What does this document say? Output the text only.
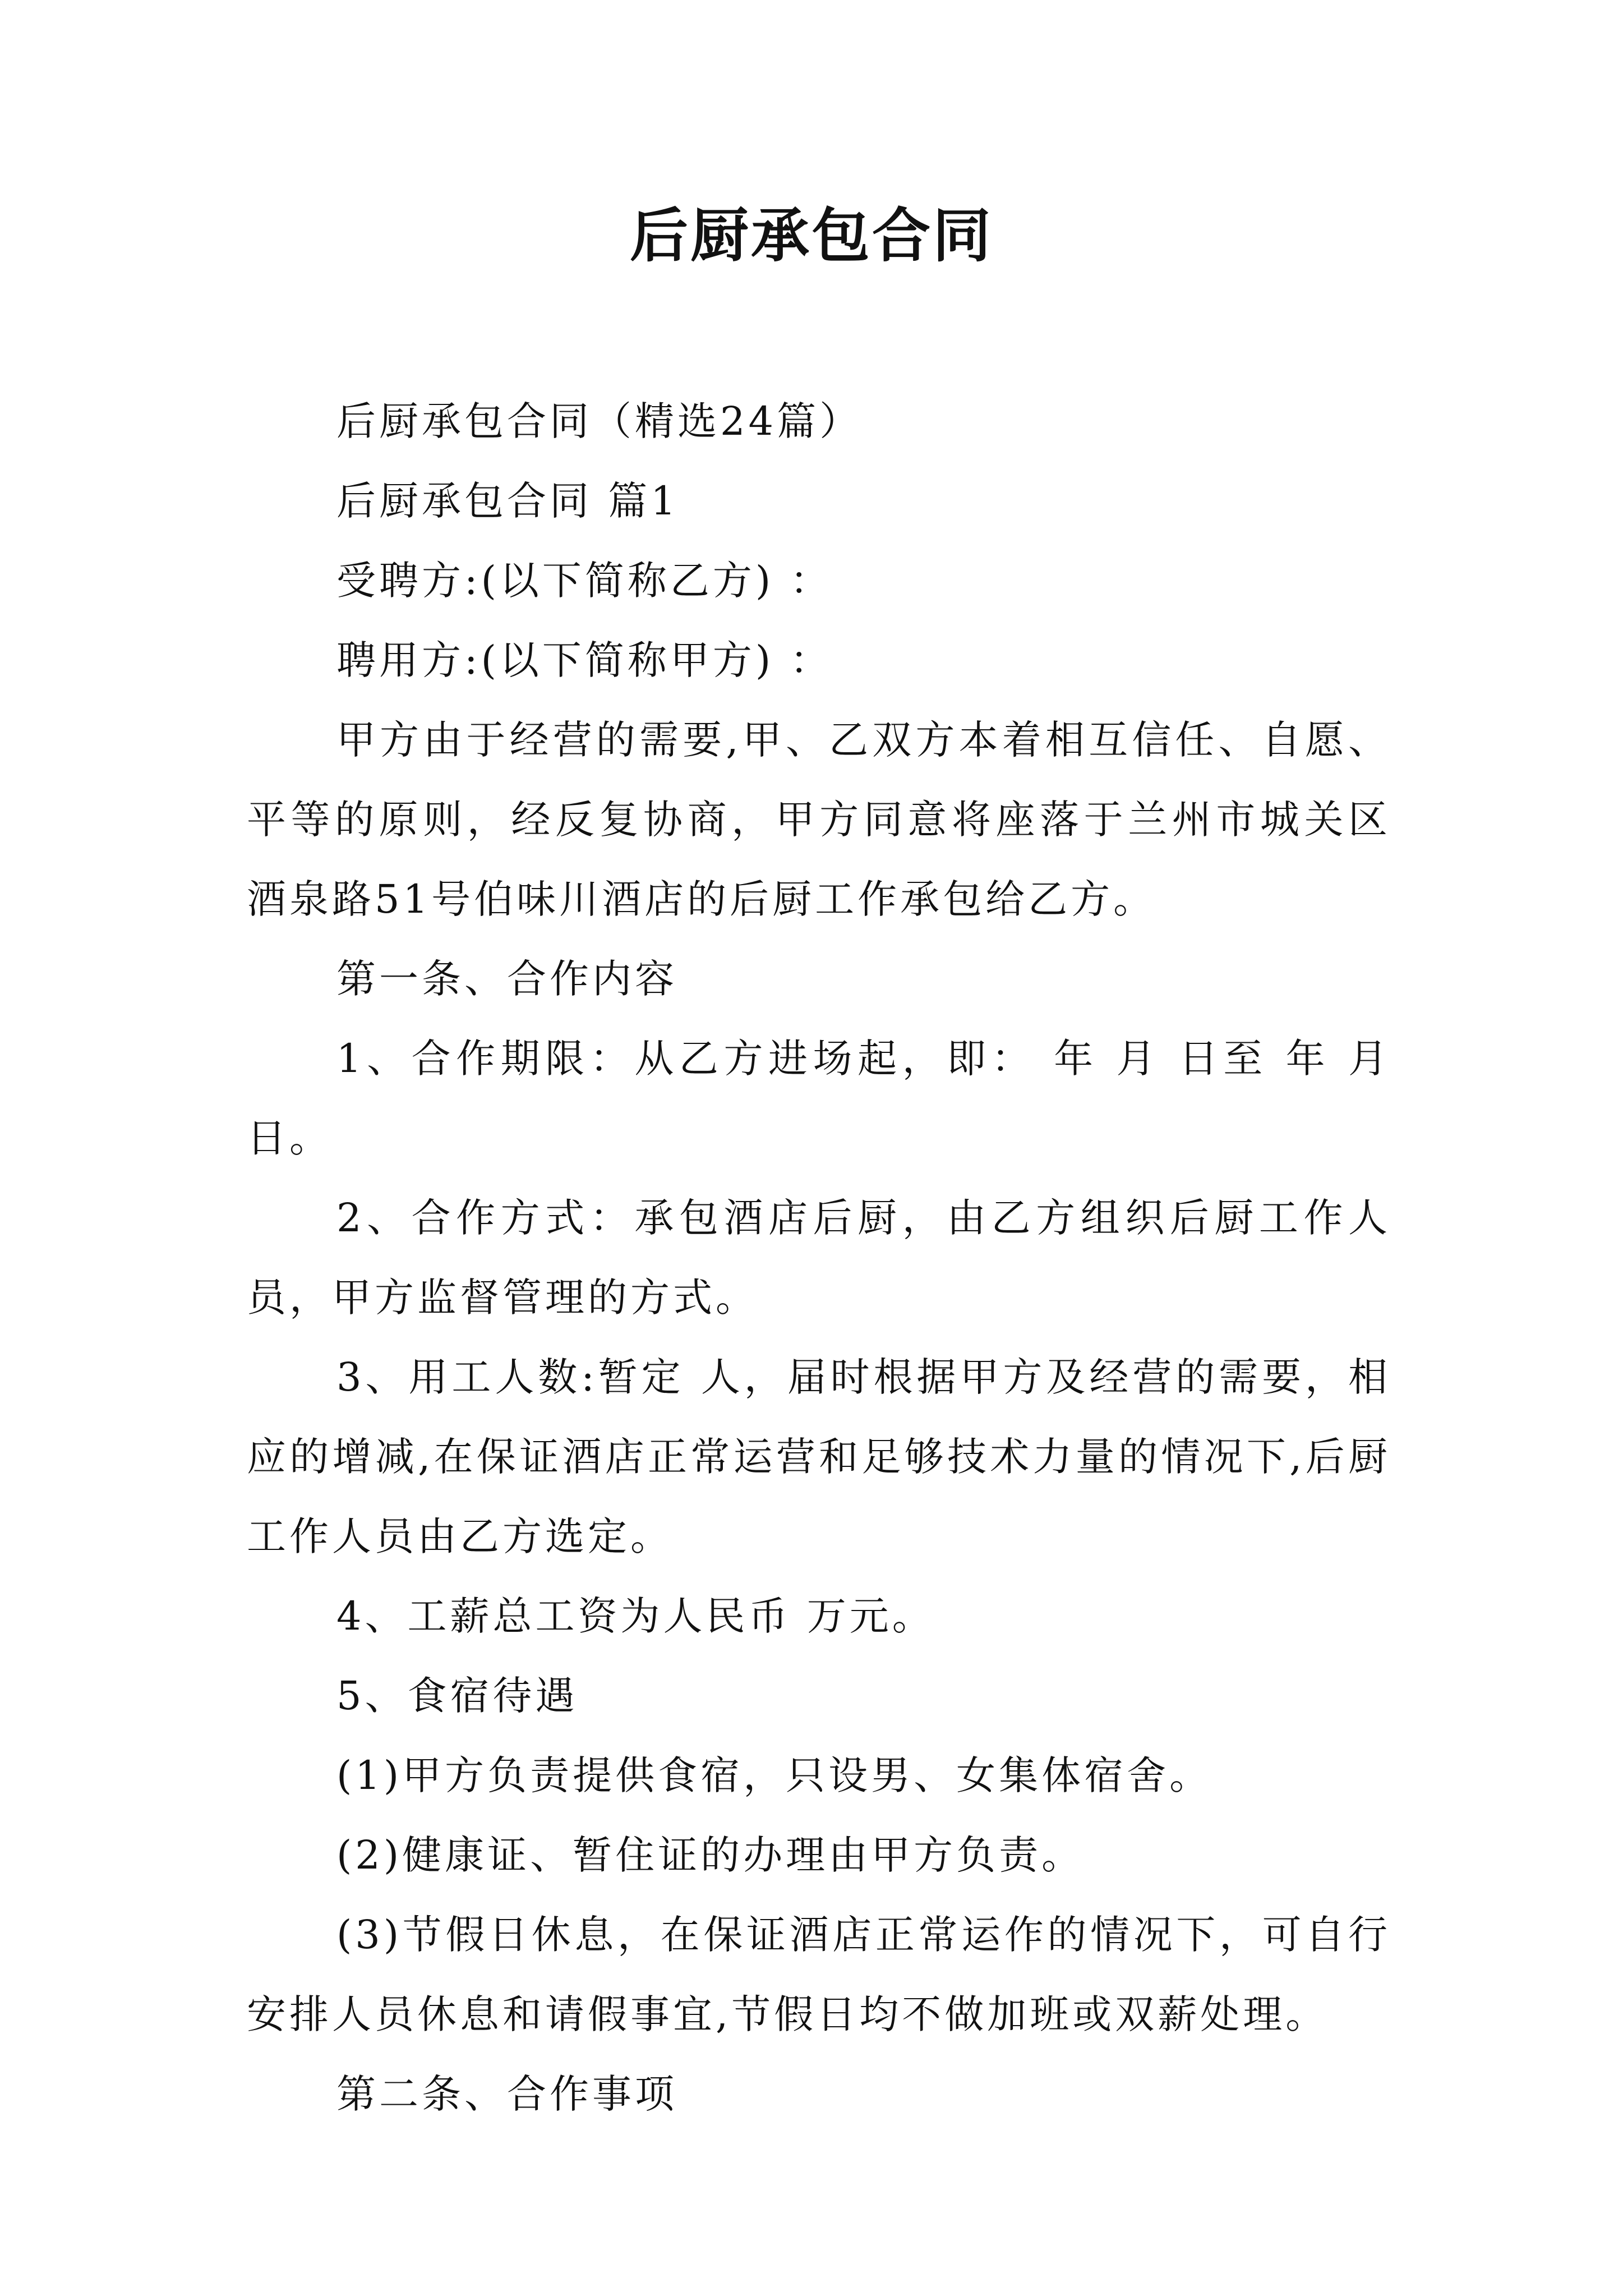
后厨承包合同

后厨承包合同（精选24篇）

后厨承包合同 篇1

受聘方:(以下简称乙方) ：

聘用方:(以下简称甲方) ：

甲方由于经营的需要,甲、乙双方本着相互信任、自愿、平等的原则，经反复协商，甲方同意将座落于兰州市城关区酒泉路51号伯味川酒店的后厨工作承包给乙方。

第一条、合作内容

1、合作期限：从乙方进场起，即： 年 月 日至 年 月 日。

2、合作方式：承包酒店后厨，由乙方组织后厨工作人员，甲方监督管理的方式。

3、用工人数:暂定 人，届时根据甲方及经营的需要，相应的增减,在保证酒店正常运营和足够技术力量的情况下,后厨工作人员由乙方选定。

4、工薪总工资为人民币 万元。

5、食宿待遇

(1)甲方负责提供食宿，只设男、女集体宿舍。

(2)健康证、暂住证的办理由甲方负责。

(3)节假日休息，在保证酒店正常运作的情况下，可自行安排人员休息和请假事宜,节假日均不做加班或双薪处理。

第二条、合作事项
